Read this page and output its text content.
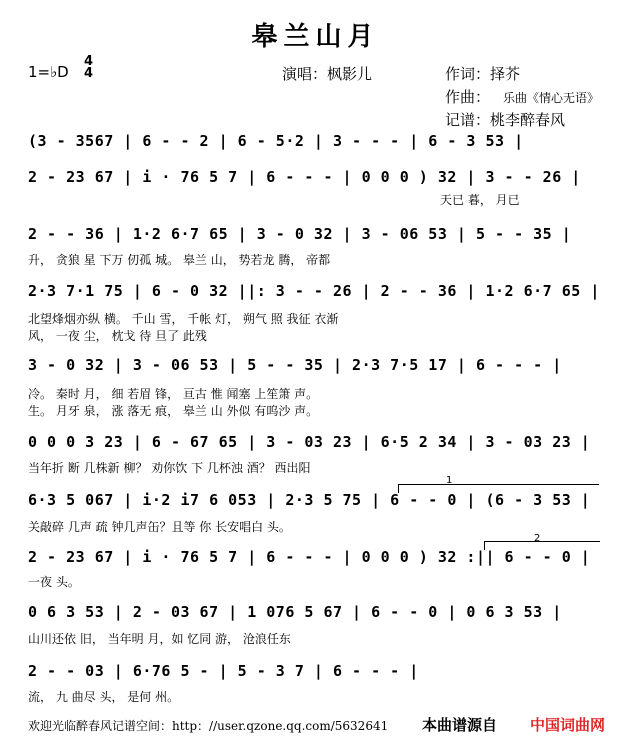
皋兰山月
1=♭D
4
4	演唱：枫影儿	作词：择芥
作曲： 乐曲《情心无语》
记谱：桃李醉春风
(3 - 3567 | 6 - - 2 | 6 - 5·2 | 3 - - - | 6 - 3 53 |
2 - 23 67 | i · 76 5 7 | 6 - - - | 0 0 0 ) 32 | 3 - - 26 |
天已 暮， 月已
2 - - 36 | 1·2 6·7 65 | 3 - 0 32 | 3 - 06 53 | 5 - - 35 |
升， 贪狼 星 下万 仞孤 城。 皋兰 山， 势若龙 腾， 帝都
2·3 7·1 75 | 6 - 0 32 ||: 3 - - 26 | 2 - - 36 | 1·2 6·7 65 |
北望烽烟亦纵 横。 千山 雪， 千帐 灯， 朔气 照 我征 衣渐
风， 一夜 尘， 枕戈 待 旦了 此残
3 - 0 32 | 3 - 06 53 | 5 - - 35 | 2·3 7·5 17 | 6 - - - |
冷。 秦时 月， 细 若眉 锋， 亘古 惟 闻塞 上笙箫 声。
生。 月牙 泉， 涨 落无 痕， 皋兰 山 外似 有呜沙 声。
0 0 0 3 23 | 6 - 67 65 | 3 - 03 23 | 6·5 2 34 | 3 - 03 23 |
当年折 断 几株新 柳？ 劝你饮 下 几杯浊 酒？ 西出阳
1
6·3 5 067 | i·2 i7 6 053 | 2·3 5 75 | 6 - - 0 | (6 - 3 53 |
关敲碎 几声 疏 钟几声缶？且等 你 长安唱白 头。
2
2 - 23 67 | i · 76 5 7 | 6 - - - | 0 0 0 ) 32 :|| 6 - - 0 |
一夜 头。
0 6 3 53 | 2 - 03 67 | 1 076 5 67 | 6 - - 0 | 0 6 3 53 |
山川还依 旧， 当年明 月，如 忆同 游， 沧浪任东
2 - - 03 | 6·76 5 - | 5 - 3 7 | 6 - - - |
流， 九 曲尽 头， 是何 州。
欢迎光临醉春风记谱空间：http：//user.qzone.qq.com/5632641 本曲谱源自 中国词曲网
